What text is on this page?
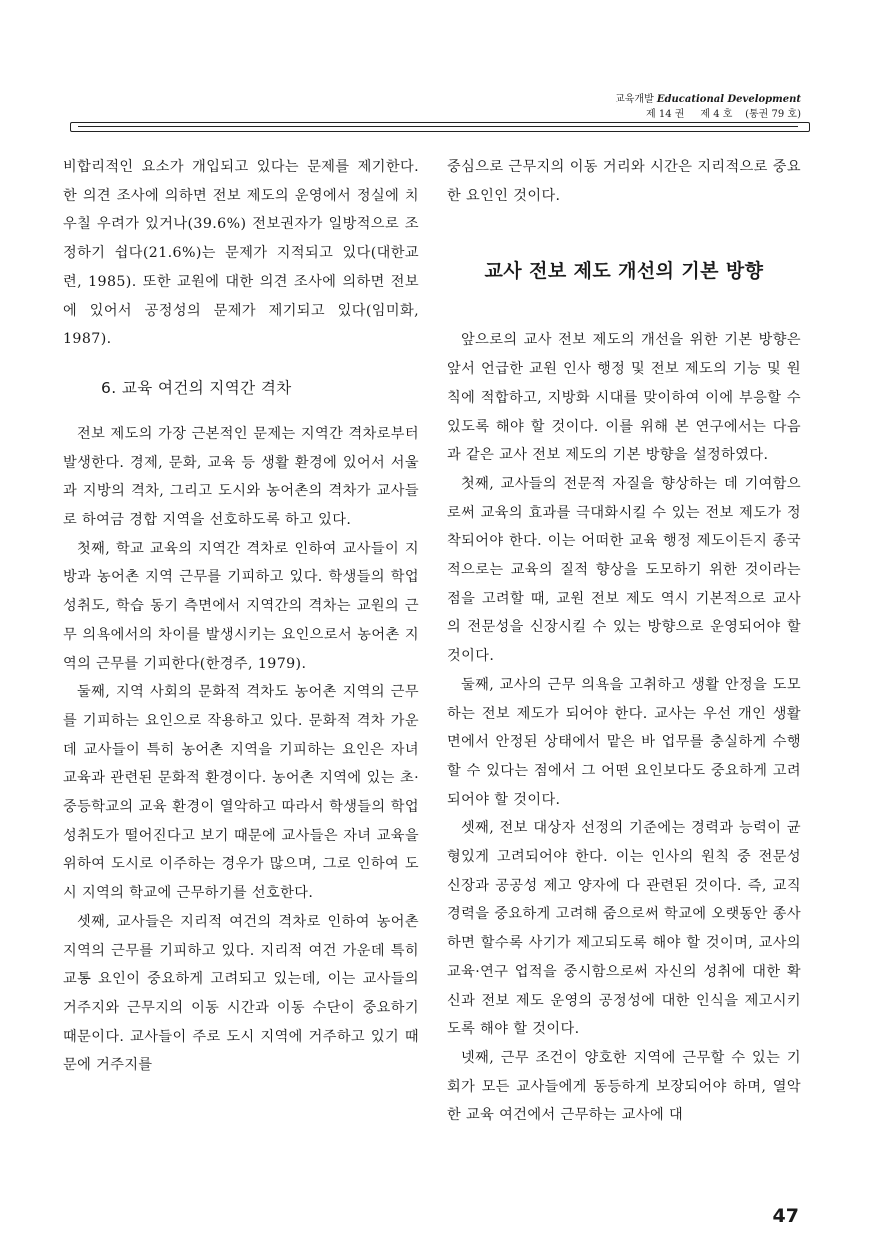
교육개발 Educational Development
제 14 권 제 4 호 (통권 79 호)

비합리적인 요소가 개입되고 있다는 문제를 제기한다. 한 의견 조사에 의하면 전보 제도의 운영에서 정실에 치우칠 우려가 있거나(39.6%) 전보권자가 일방적으로 조정하기 쉽다(21.6%)는 문제가 지적되고 있다(대한교련, 1985). 또한 교원에 대한 의견 조사에 의하면 전보에 있어서 공정성의 문제가 제기되고 있다(임미화, 1987).

6. 교육 여건의 지역간 격차

전보 제도의 가장 근본적인 문제는 지역간 격차로부터 발생한다. 경제, 문화, 교육 등 생활 환경에 있어서 서울과 지방의 격차, 그리고 도시와 농어촌의 격차가 교사들로 하여금 경합 지역을 선호하도록 하고 있다.

첫째, 학교 교육의 지역간 격차로 인하여 교사들이 지방과 농어촌 지역 근무를 기피하고 있다. 학생들의 학업 성취도, 학습 동기 측면에서 지역간의 격차는 교원의 근무 의욕에서의 차이를 발생시키는 요인으로서 농어촌 지역의 근무를 기피한다(한경주, 1979).

둘째, 지역 사회의 문화적 격차도 농어촌 지역의 근무를 기피하는 요인으로 작용하고 있다. 문화적 격차 가운데 교사들이 특히 농어촌 지역을 기피하는 요인은 자녀 교육과 관련된 문화적 환경이다. 농어촌 지역에 있는 초·중등학교의 교육 환경이 열악하고 따라서 학생들의 학업 성취도가 떨어진다고 보기 때문에 교사들은 자녀 교육을 위하여 도시로 이주하는 경우가 많으며, 그로 인하여 도시 지역의 학교에 근무하기를 선호한다.

셋째, 교사들은 지리적 여건의 격차로 인하여 농어촌 지역의 근무를 기피하고 있다. 지리적 여건 가운데 특히 교통 요인이 중요하게 고려되고 있는데, 이는 교사들의 거주지와 근무지의 이동 시간과 이동 수단이 중요하기 때문이다. 교사들이 주로 도시 지역에 거주하고 있기 때문에 거주지를

중심으로 근무지의 이동 거리와 시간은 지리적으로 중요한 요인인 것이다.

교사 전보 제도 개선의 기본 방향

앞으로의 교사 전보 제도의 개선을 위한 기본 방향은 앞서 언급한 교원 인사 행정 및 전보 제도의 기능 및 원칙에 적합하고, 지방화 시대를 맞이하여 이에 부응할 수 있도록 해야 할 것이다. 이를 위해 본 연구에서는 다음과 같은 교사 전보 제도의 기본 방향을 설정하였다.

첫째, 교사들의 전문적 자질을 향상하는 데 기여함으로써 교육의 효과를 극대화시킬 수 있는 전보 제도가 정착되어야 한다. 이는 어떠한 교육 행정 제도이든지 종국적으로는 교육의 질적 향상을 도모하기 위한 것이라는 점을 고려할 때, 교원 전보 제도 역시 기본적으로 교사의 전문성을 신장시킬 수 있는 방향으로 운영되어야 할 것이다.

둘째, 교사의 근무 의욕을 고취하고 생활 안정을 도모하는 전보 제도가 되어야 한다. 교사는 우선 개인 생활면에서 안정된 상태에서 맡은 바 업무를 충실하게 수행할 수 있다는 점에서 그 어떤 요인보다도 중요하게 고려되어야 할 것이다.

셋째, 전보 대상자 선정의 기준에는 경력과 능력이 균형있게 고려되어야 한다. 이는 인사의 원칙 중 전문성 신장과 공공성 제고 양자에 다 관련된 것이다. 즉, 교직 경력을 중요하게 고려해 줌으로써 학교에 오랫동안 종사하면 할수록 사기가 제고되도록 해야 할 것이며, 교사의 교육·연구 업적을 중시함으로써 자신의 성취에 대한 확신과 전보 제도 운영의 공정성에 대한 인식을 제고시키도록 해야 할 것이다.

넷째, 근무 조건이 양호한 지역에 근무할 수 있는 기회가 모든 교사들에게 동등하게 보장되어야 하며, 열악한 교육 여건에서 근무하는 교사에 대

47
